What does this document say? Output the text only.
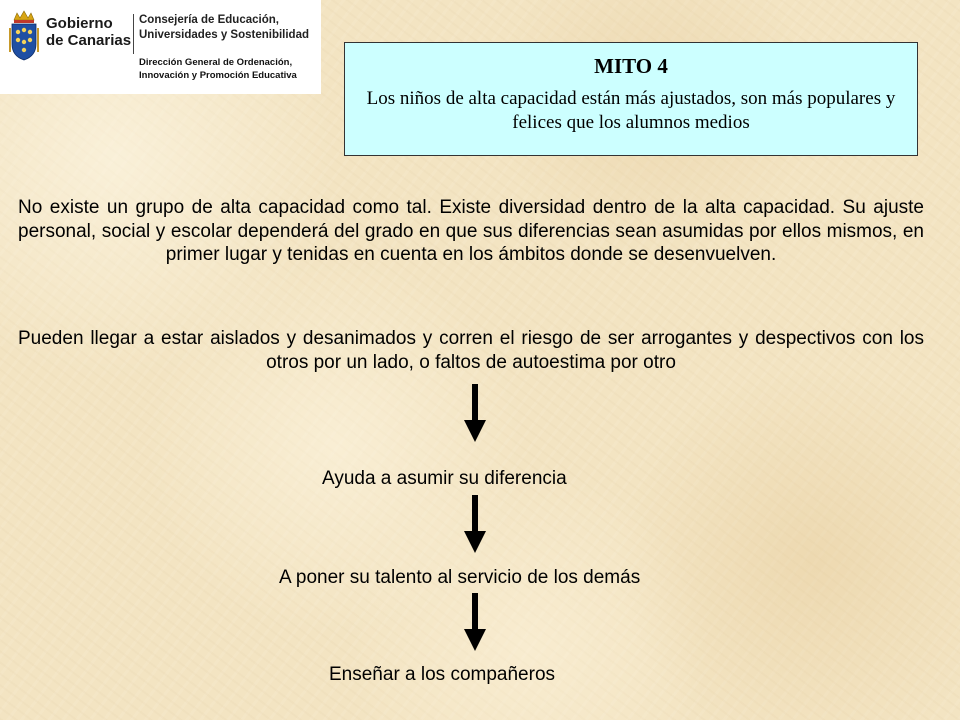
Gobierno
de Canarias
Consejería de Educación,
Universidades y Sostenibilidad
Dirección General de Ordenación,
Innovación y Promoción Educativa	MITO 4
Los niños de alta capacidad están más ajustados, son más populares y felices que los alumnos medios

No existe un grupo de alta capacidad como tal. Existe diversidad dentro de la alta capacidad. Su ajuste personal, social y escolar dependerá del grado en que sus diferencias sean asumidas por ellos mismos, en primer lugar y tenidas en cuenta en los ámbitos donde se desenvuelven.

Pueden llegar a estar aislados y desanimados y corren el riesgo de ser arrogantes y despectivos con los otros por un lado, o faltos de autoestima por otro

Ayuda a asumir su diferencia
A poner su talento al servicio de los demás
Enseñar a los compañeros
